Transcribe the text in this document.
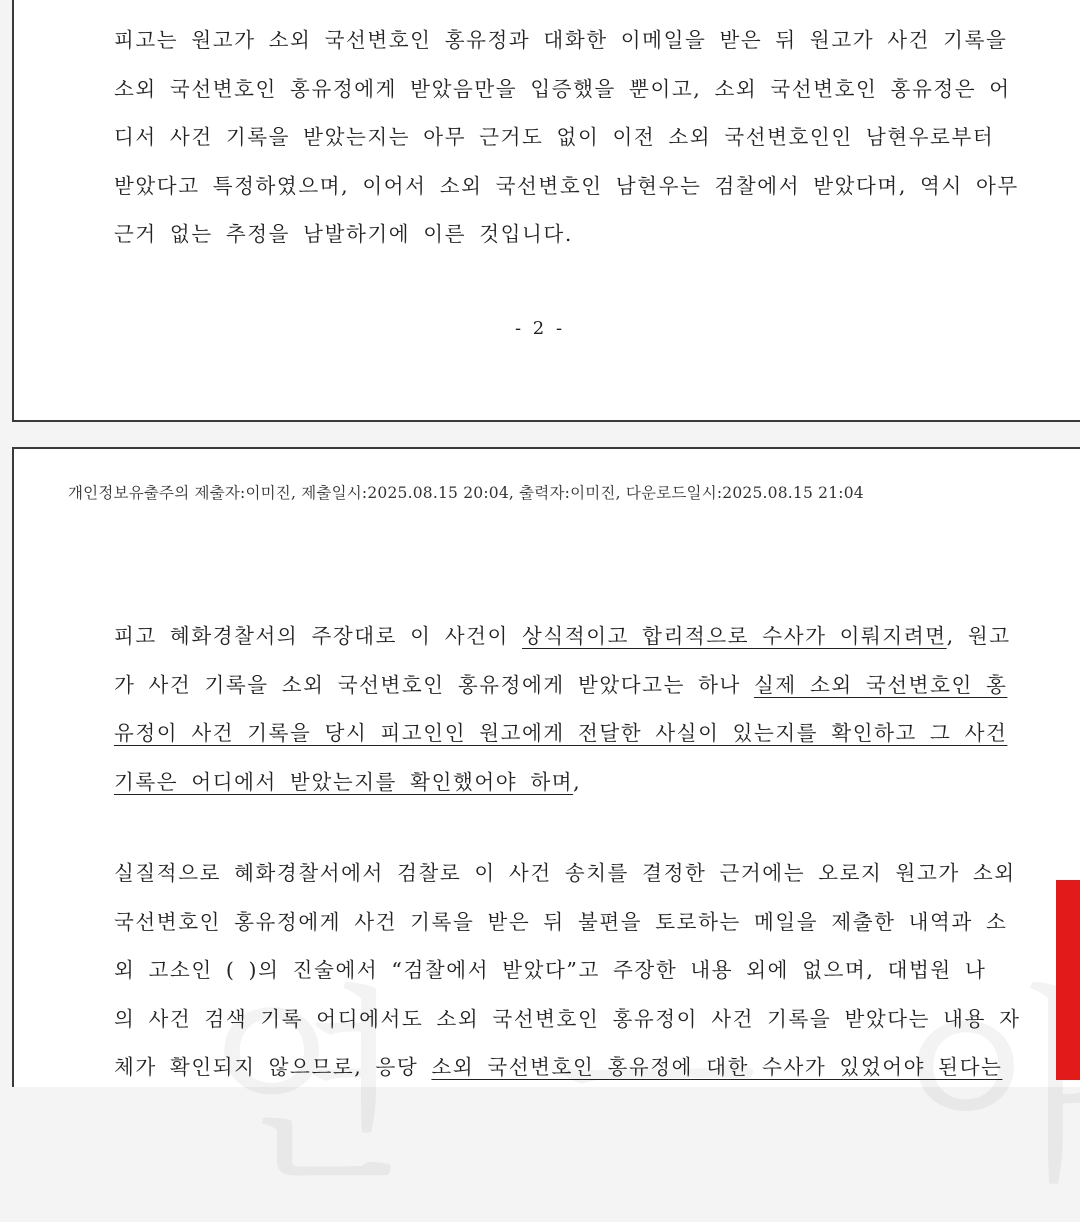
피고는 원고가 소외 국선변호인 홍유정과 대화한 이메일을 받은 뒤 원고가 사건 기록을
소외 국선변호인 홍유정에게 받았음만을 입증했을 뿐이고, 소외 국선변호인 홍유정은 어
디서 사건 기록을 받았는지는 아무 근거도 없이 이전 소외 국선변호인인 남현우로부터
받았다고 특정하였으며, 이어서 소외 국선변호인 남현우는 검찰에서 받았다며, 역시 아무
근거 없는 추정을 남발하기에 이른 것입니다.
- 2 -
개인정보유출주의 제출자:이미진, 제출일시:2025.08.15 20:04, 출력자:이미진, 다운로드일시:2025.08.15 21:04
피고 혜화경찰서의 주장대로 이 사건이 상식적이고 합리적으로 수사가 이뤄지려면, 원고
가 사건 기록을 소외 국선변호인 홍유정에게 받았다고는 하나 실제 소외 국선변호인 홍
유정이 사건 기록을 당시 피고인인 원고에게 전달한 사실이 있는지를 확인하고 그 사건
기록은 어디에서 받았는지를 확인했어야 하며,
실질적으로 혜화경찰서에서 검찰로 이 사건 송치를 결정한 근거에는 오로지 원고가 소외
국선변호인 홍유정에게 사건 기록을 받은 뒤 불편을 토로하는 메일을 제출한 내역과 소
외 고소인 ( )의 진술에서 “검찰에서 받았다”고 주장한 내용 외에 없으며, 대법원 나
의 사건 검색 기록 어디에서도 소외 국선변호인 홍유정이 사건 기록을 받았다는 내용 자
체가 확인되지 않으므로, 응당 소외 국선변호인 홍유정에 대한 수사가 있었어야 된다는
